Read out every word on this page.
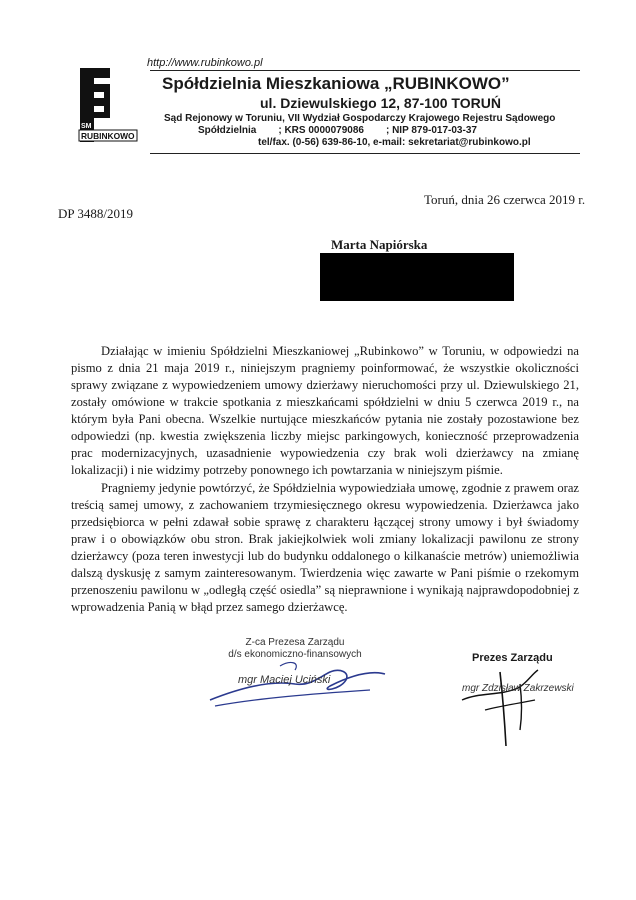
SM
RUBINKOWO
http://www.rubinkowo.pl
Spółdzielnia Mieszkaniowa „RUBINKOWO”
ul. Dziewulskiego 12, 87-100 TORUŃ
Sąd Rejonowy w Toruniu, VII Wydział Gospodarczy Krajowego Rejestru Sądowego
Spółdzielnia ; KRS 0000079086 ; NIP 879-017-03-37
tel/fax. (0-56) 639-86-10, e-mail: sekretariat@rubinkowo.pl
Toruń, dnia 26 czerwca 2019 r.
DP 3488/2019
Marta Napiórska

Działając w imieniu Spółdzielni Mieszkaniowej „Rubinkowo” w Toruniu, w odpowiedzi na pismo z dnia 21 maja 2019 r., niniejszym pragniemy poinformować, że wszystkie okoliczności sprawy związane z wypowiedzeniem umowy dzierżawy nieruchomości przy ul. Dziewulskiego 21, zostały omówione w trakcie spotkania z mieszkańcami spółdzielni w dniu 5 czerwca 2019 r., na którym była Pani obecna. Wszelkie nurtujące mieszkańców pytania nie zostały pozostawione bez odpowiedzi (np. kwestia zwiększenia liczby miejsc parkingowych, konieczność przeprowadzenia prac modernizacyjnych, uzasadnienie wypowiedzenia czy brak woli dzierżawcy na zmianę lokalizacji) i nie widzimy potrzeby ponownego ich powtarzania w niniejszym piśmie.

Pragniemy jedynie powtórzyć, że Spółdzielnia wypowiedziała umowę, zgodnie z prawem oraz treścią samej umowy, z zachowaniem trzymiesięcznego okresu wypowiedzenia. Dzierżawca jako przedsiębiorca w pełni zdawał sobie sprawę z charakteru łączącej strony umowy i był świadomy praw i o obowiązków obu stron. Brak jakiejkolwiek woli zmiany lokalizacji pawilonu ze strony dzierżawcy (poza teren inwestycji lub do budynku oddalonego o kilkanaście metrów) uniemożliwia dalszą dyskusję z samym zainteresowanym. Twierdzenia więc zawarte w Pani piśmie o rzekomym przenoszeniu pawilonu w „odległą część osiedla” są nieprawnione i wynikają najprawdopodobniej z wprowadzenia Panią w błąd przez samego dzierżawcę.

Z-ca Prezesa Zarządu
d/s ekonomiczno-finansowych
mgr Maciej Uciński
Prezes Zarządu
mgr Zdzisław Zakrzewski
